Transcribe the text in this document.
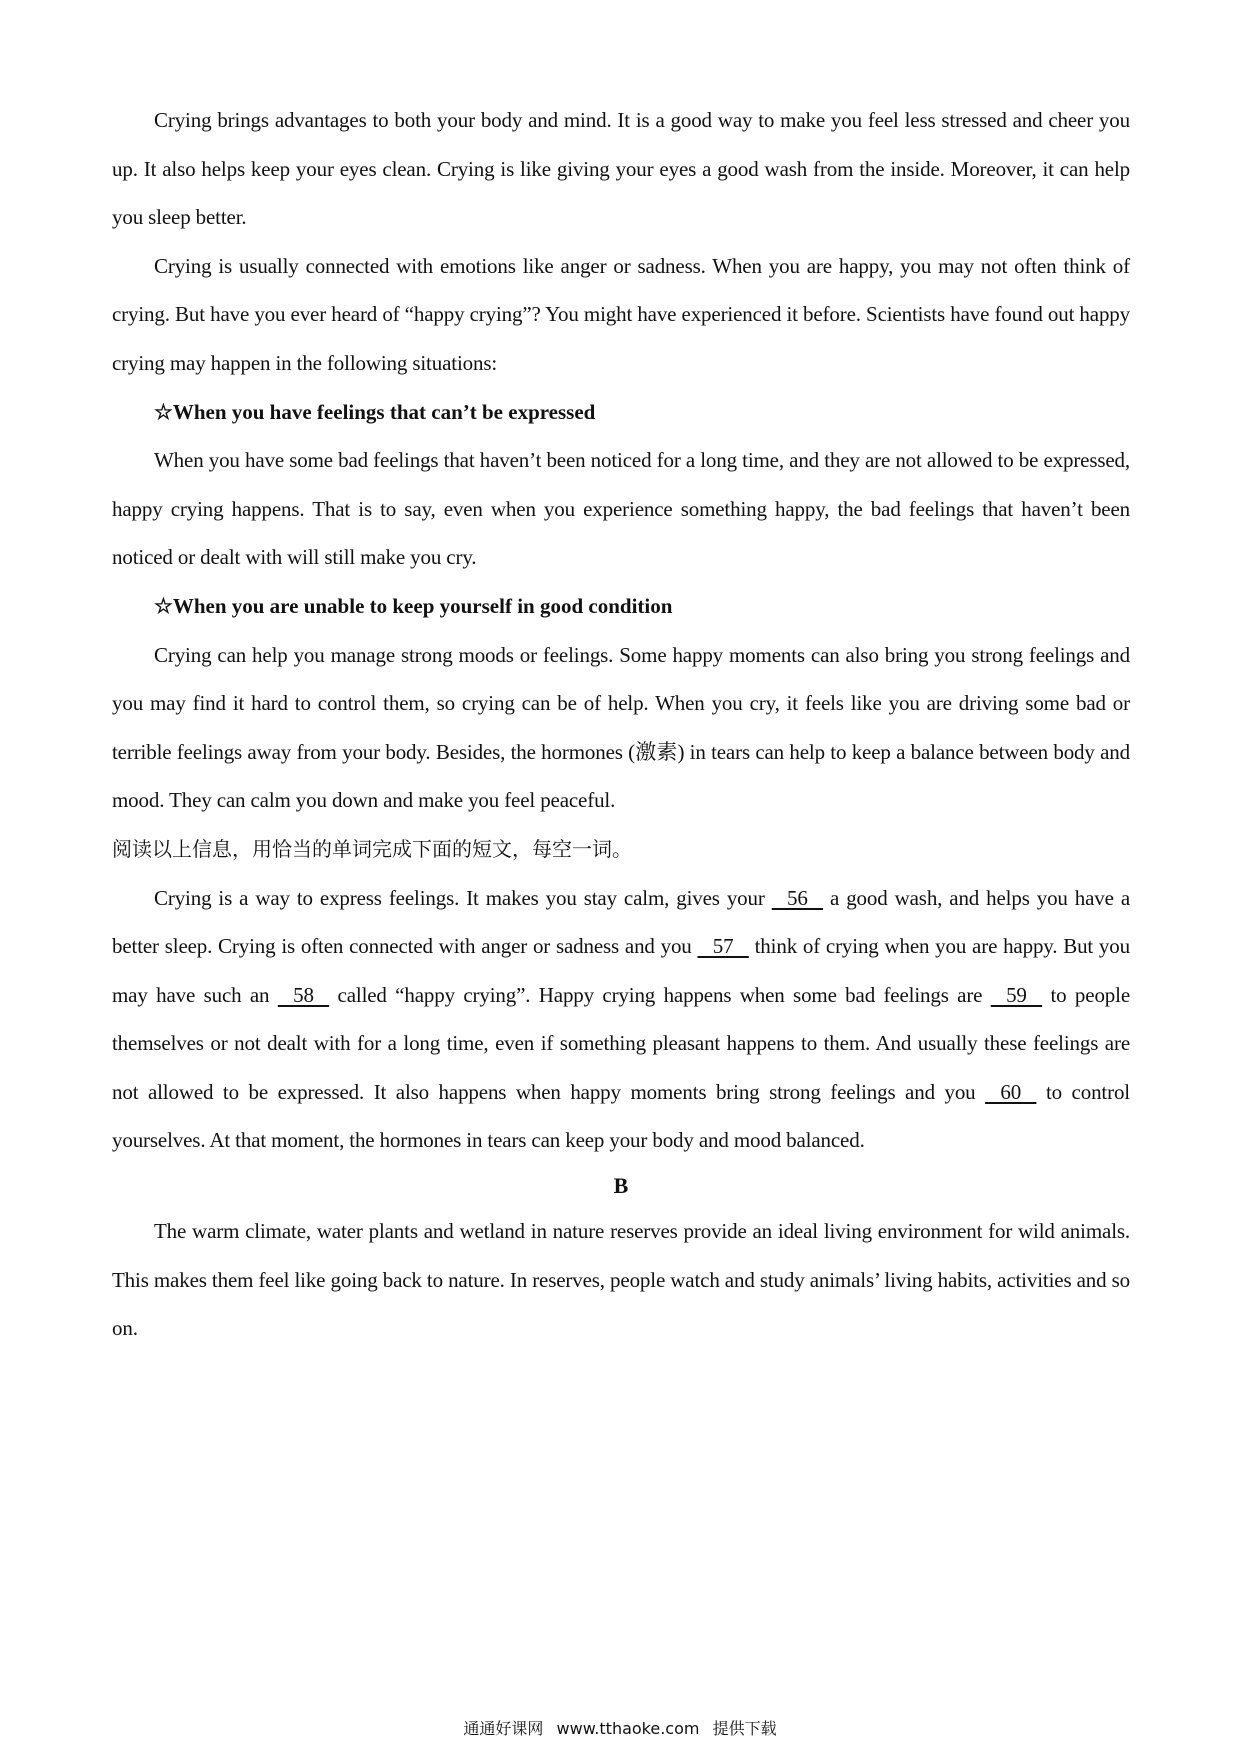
Crying brings advantages to both your body and mind. It is a good way to make you feel less stressed and cheer you up. It also helps keep your eyes clean. Crying is like giving your eyes a good wash from the inside. Moreover, it can help you sleep better.

Crying is usually connected with emotions like anger or sadness. When you are happy, you may not often think of crying. But have you ever heard of “happy crying”? You might have experienced it before. Scientists have found out happy crying may happen in the following situations:

☆When you have feelings that can’t be expressed

When you have some bad feelings that haven’t been noticed for a long time, and they are not allowed to be expressed, happy crying happens. That is to say, even when you experience something happy, the bad feelings that haven’t been noticed or dealt with will still make you cry.

☆When you are unable to keep yourself in good condition

Crying can help you manage strong moods or feelings. Some happy moments can also bring you strong feelings and you may find it hard to control them, so crying can be of help. When you cry, it feels like you are driving some bad or terrible feelings away from your body. Besides, the hormones (激素) in tears can help to keep a balance between body and mood. They can calm you down and make you feel peaceful.

阅读以上信息，用恰当的单词完成下面的短文，每空一词。

Crying is a way to express feelings. It makes you stay calm, gives your    56    a good wash, and helps you have a better sleep. Crying is often connected with anger or sadness and you    57    think of crying when you are happy. But you may have such an    58    called “happy crying”. Happy crying happens when some bad feelings are    59    to people themselves or not dealt with for a long time, even if something pleasant happens to them. And usually these feelings are not allowed to be expressed. It also happens when happy moments bring strong feelings and you    60    to control yourselves. At that moment, the hormones in tears can keep your body and mood balanced.

B

The warm climate, water plants and wetland in nature reserves provide an ideal living environment for wild animals. This makes them feel like going back to nature. In reserves, people watch and study animals’ living habits, activities and so on.

通通好课网 www.tthaoke.com 提供下载
